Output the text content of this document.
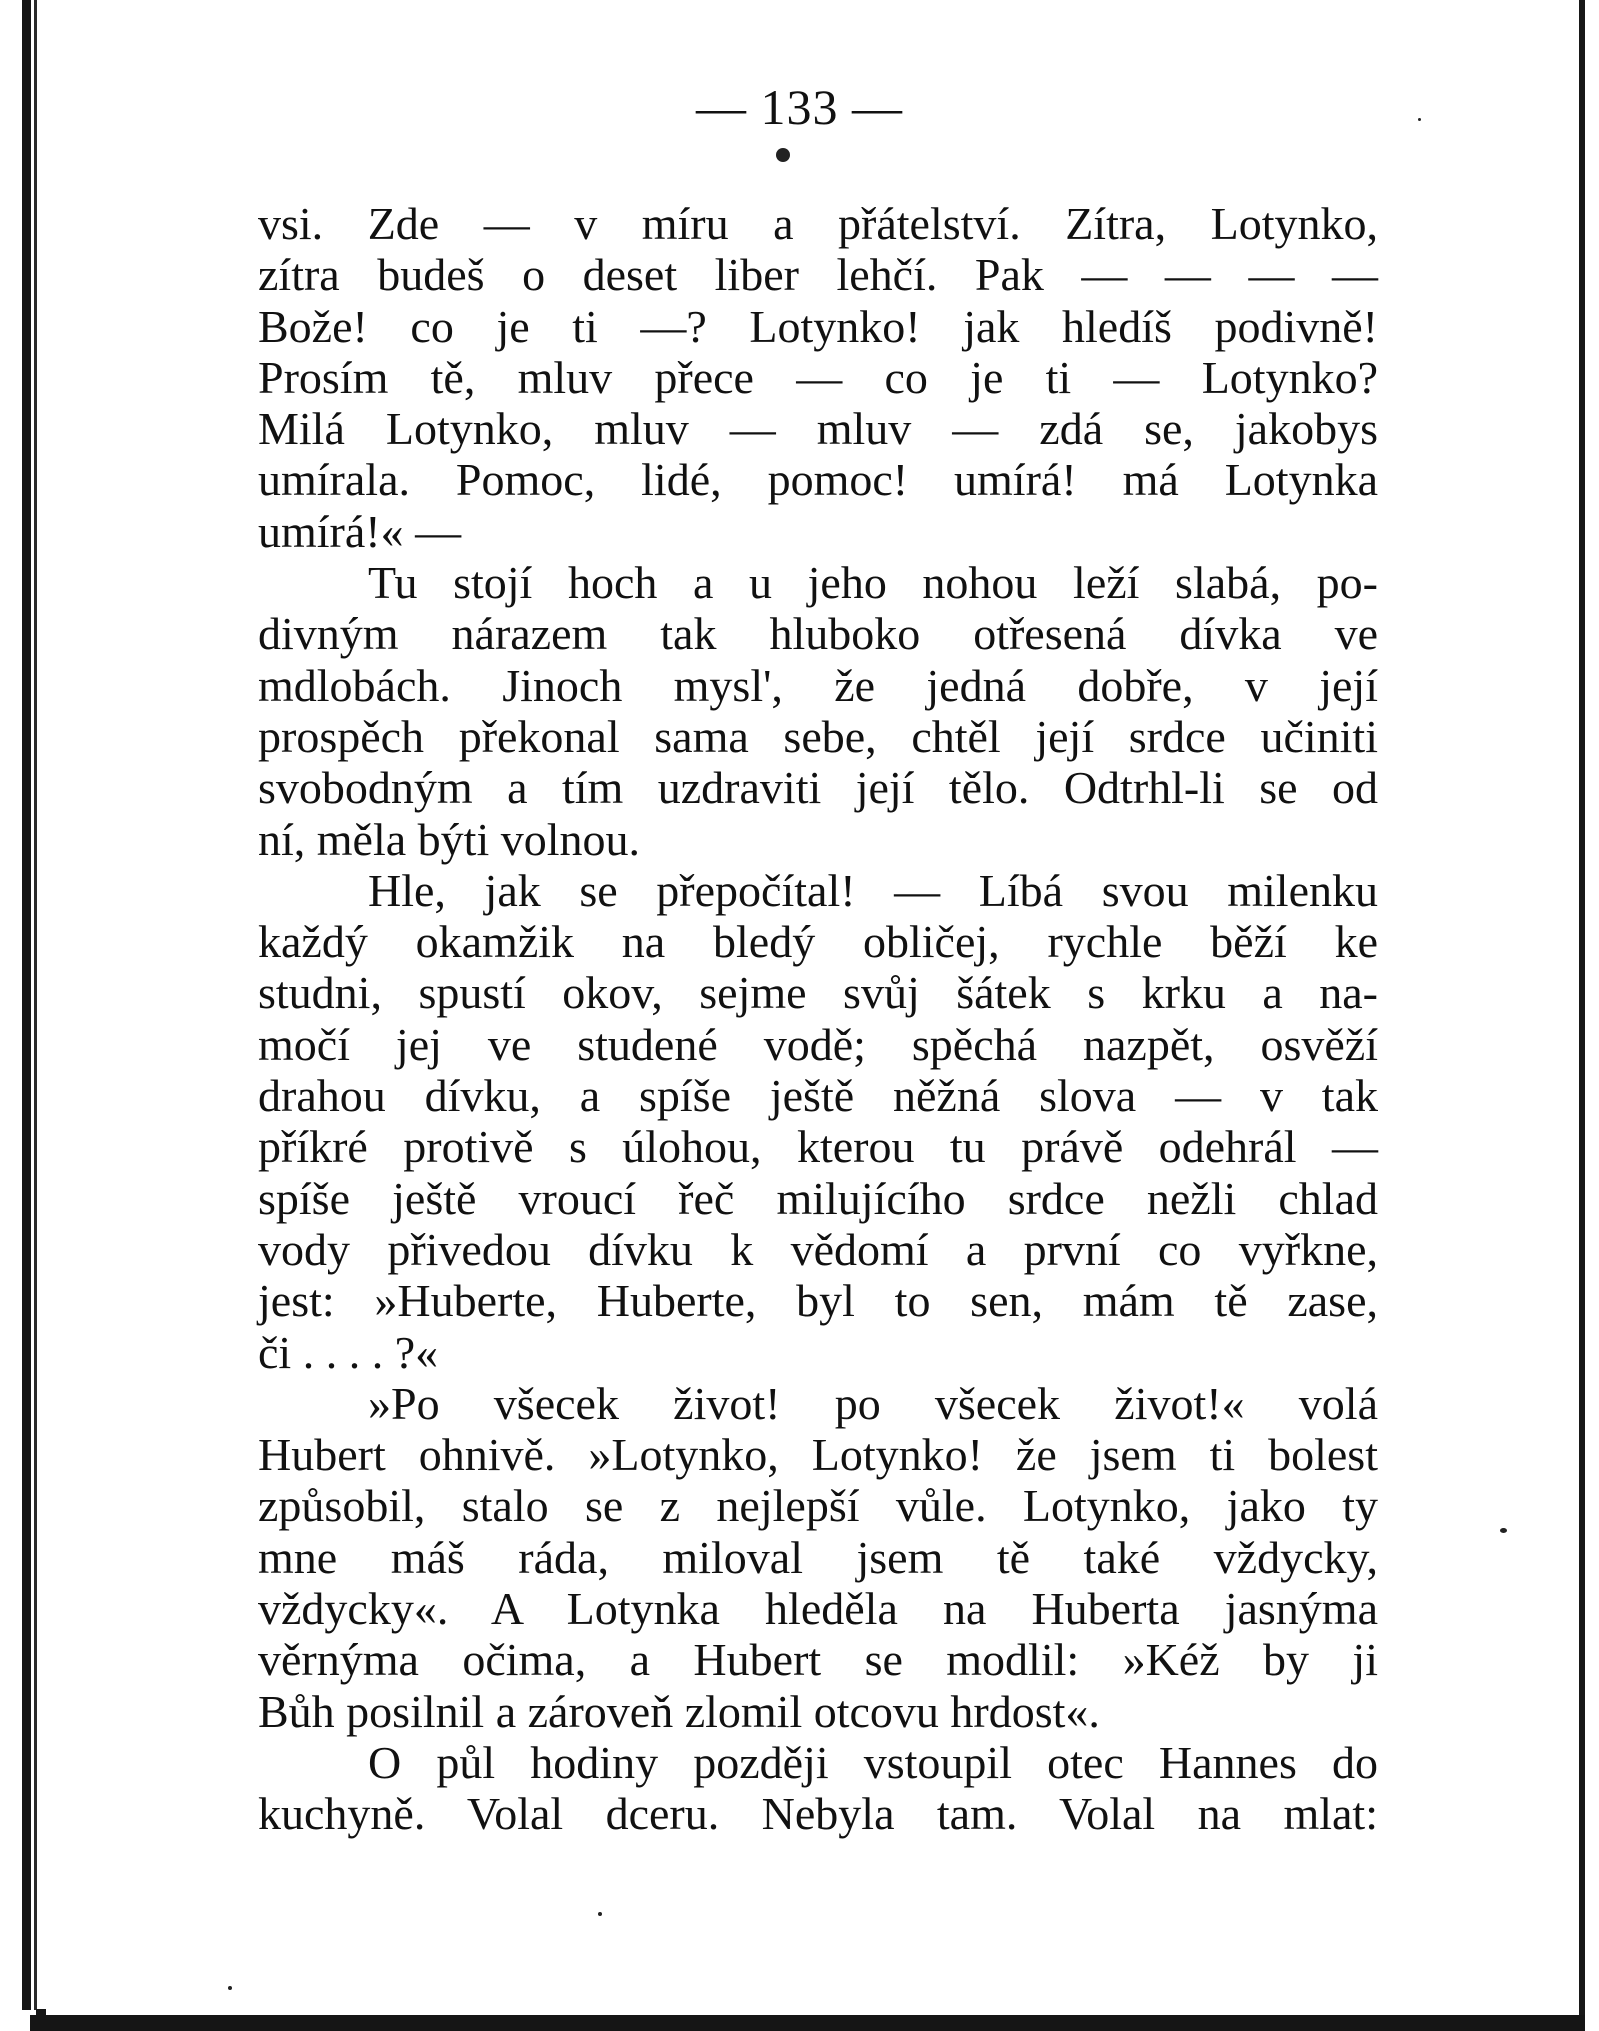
— 133 —
vsi. Zde — v míru a přátelství. Zítra, Lotynko,
zítra budeš o deset liber lehčí. Pak — — — —
Bože! co je ti —? Lotynko! jak hledíš podivně!
Prosím tě, mluv přece — co je ti — Lotynko?
Milá Lotynko, mluv — mluv — zdá se, jakobys
umírala. Pomoc, lidé, pomoc! umírá! má Lotynka
umírá!« —
Tu stojí hoch a u jeho nohou leží slabá, po-
divným nárazem tak hluboko otřesená dívka ve
mdlobách. Jinoch mysl', že jedná dobře, v její
prospěch překonal sama sebe, chtěl její srdce učiniti
svobodným a tím uzdraviti její tělo. Odtrhl-li se od
ní, měla býti volnou.
Hle, jak se přepočítal! — Líbá svou milenku
každý okamžik na bledý obličej, rychle běží ke
studni, spustí okov, sejme svůj šátek s krku a na-
močí jej ve studené vodě; spěchá nazpět, osvěží
drahou dívku, a spíše ještě něžná slova — v tak
příkré protivě s úlohou, kterou tu právě odehrál —
spíše ještě vroucí řeč milujícího srdce nežli chlad
vody přivedou dívku k vědomí a první co vyřkne,
jest: »Huberte, Huberte, byl to sen, mám tě zase,
či . . . . ?«
»Po všecek život! po všecek život!« volá
Hubert ohnivě. »Lotynko, Lotynko! že jsem ti bolest
způsobil, stalo se z nejlepší vůle. Lotynko, jako ty
mne máš ráda, miloval jsem tě také vždycky,
vždycky«. A Lotynka hleděla na Huberta jasnýma
věrnýma očima, a Hubert se modlil: »Kéž by ji
Bůh posilnil a zároveň zlomil otcovu hrdost«.
O půl hodiny později vstoupil otec Hannes do
kuchyně. Volal dceru. Nebyla tam. Volal na mlat:
